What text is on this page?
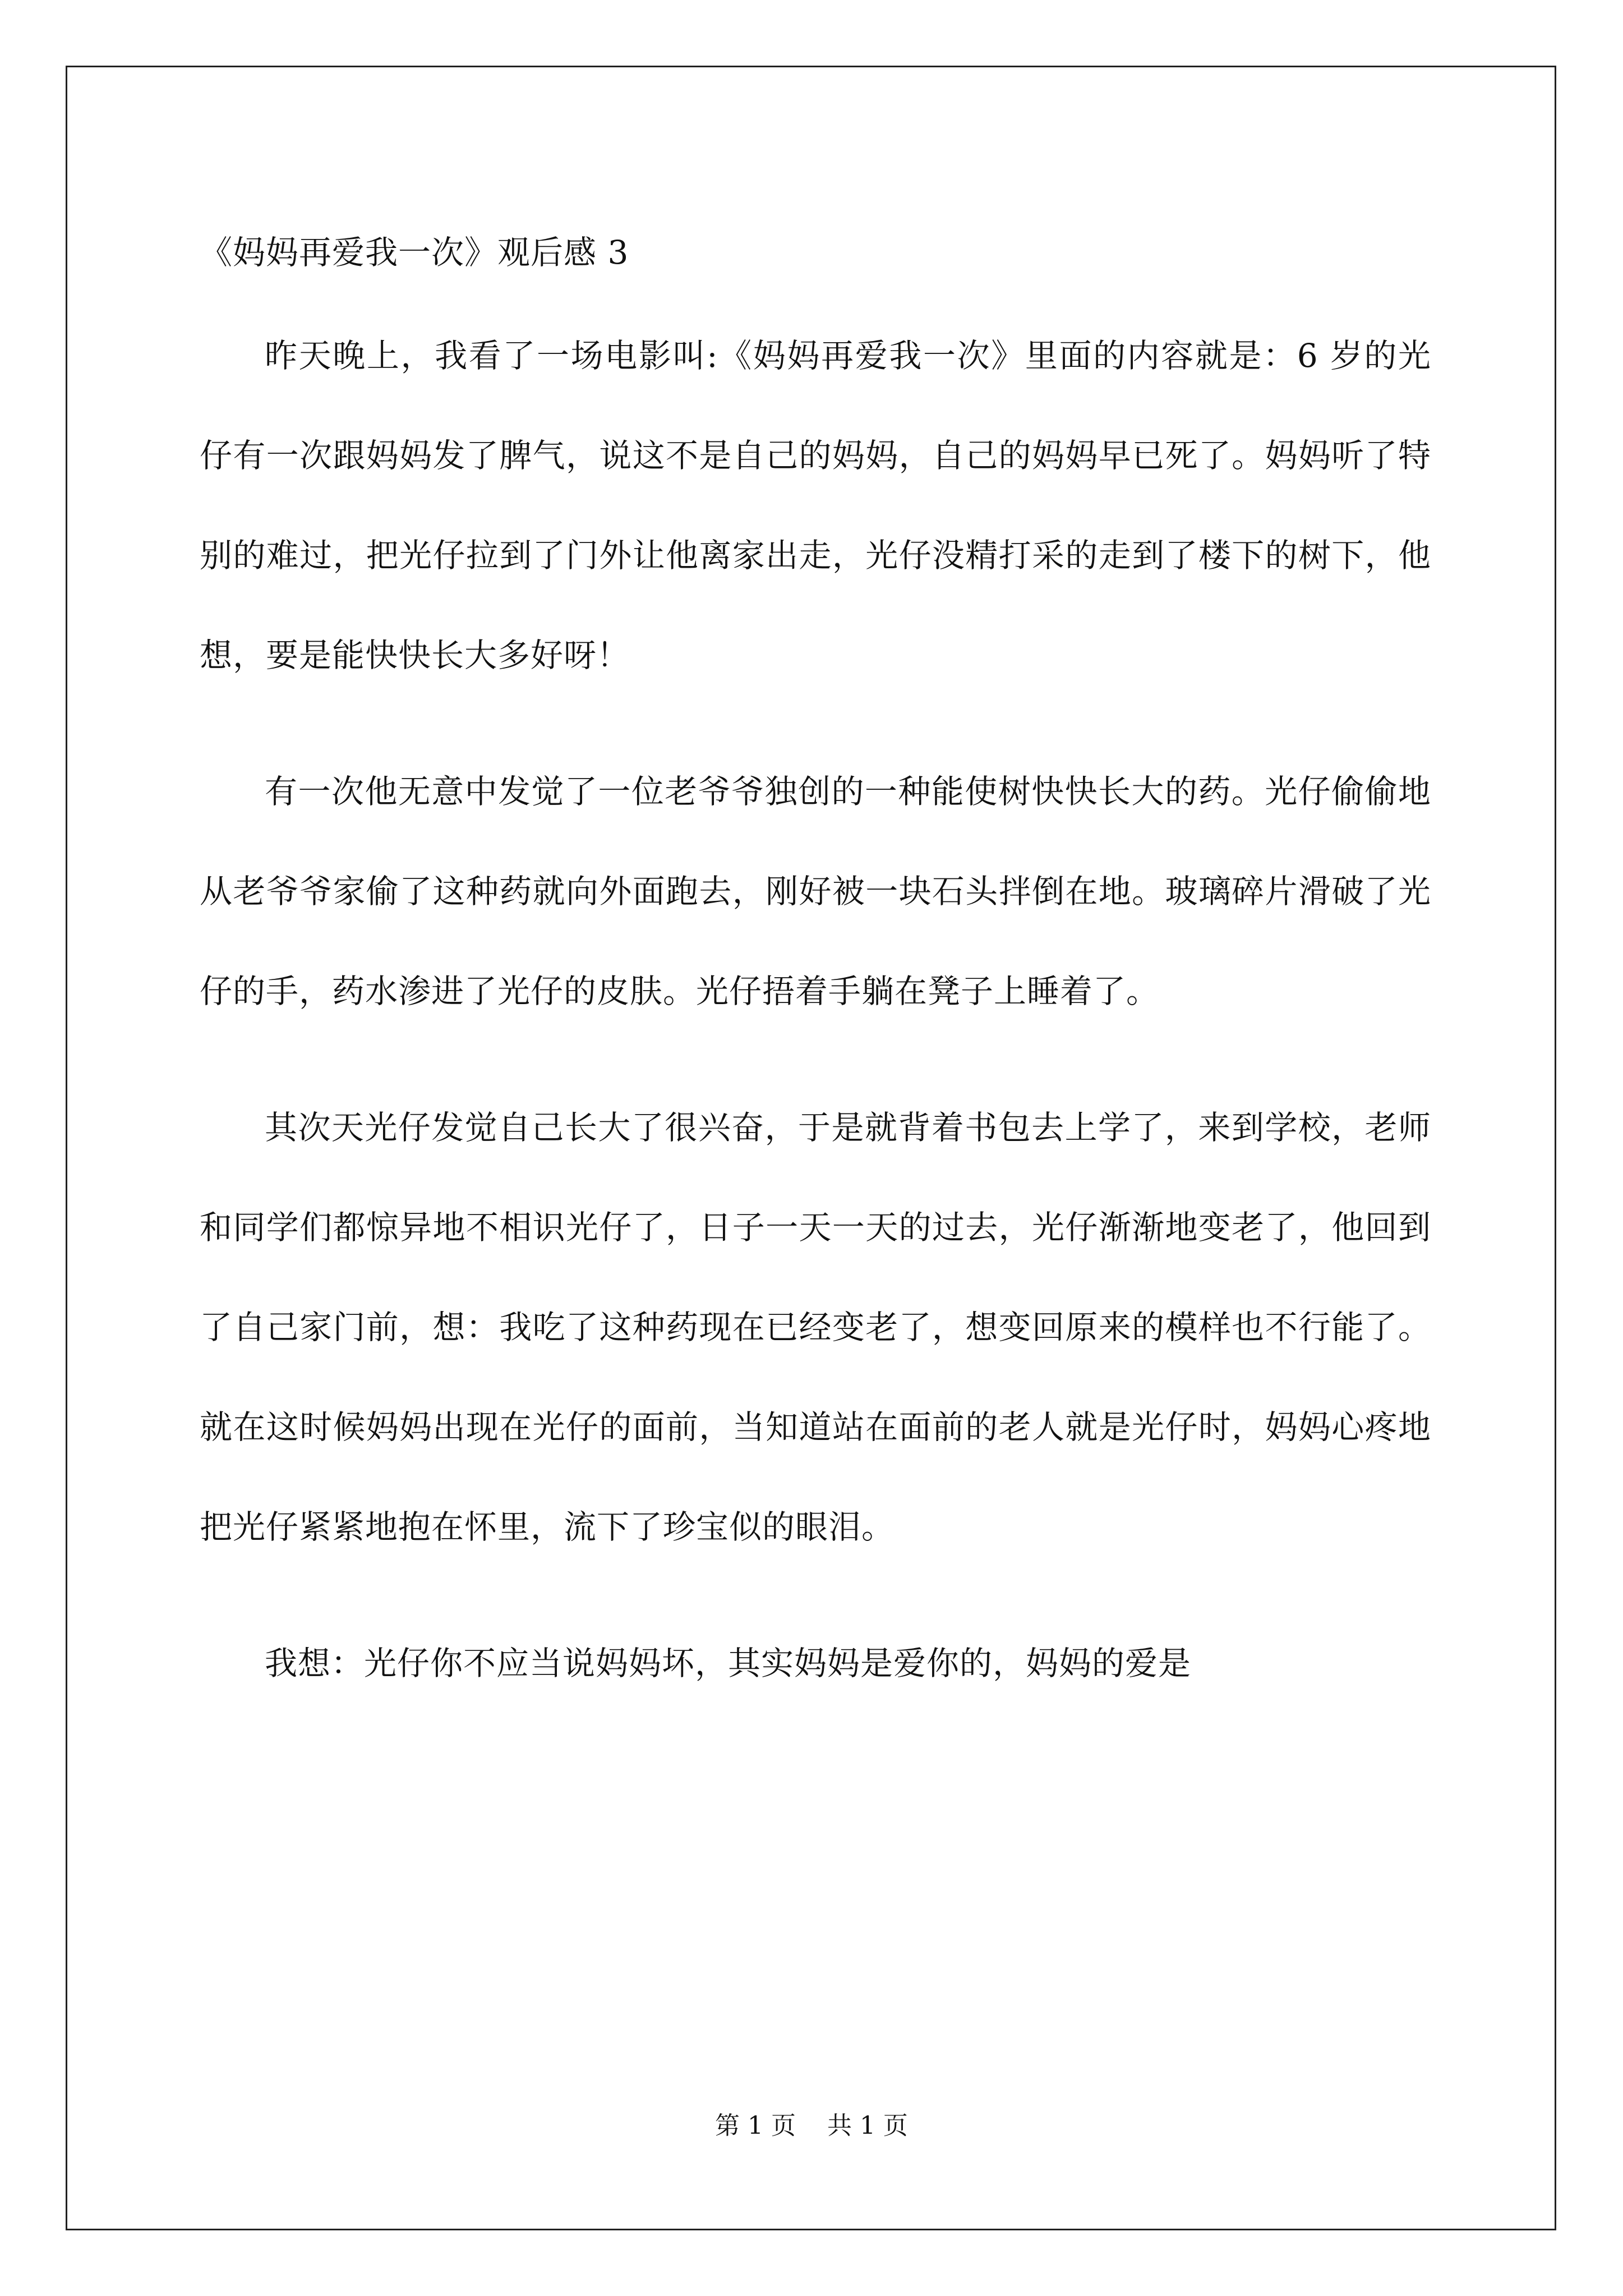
《妈妈再爱我一次》观后感 3

昨天晚上，我看了一场电影叫:《妈妈再爱我一次》里面的内容就是：6 岁的光仔有一次跟妈妈发了脾气，说这不是自己的妈妈，自己的妈妈早已死了。妈妈听了特别的难过，把光仔拉到了门外让他离家出走，光仔没精打采的走到了楼下的树下，他想，要是能快快长大多好呀！

有一次他无意中发觉了一位老爷爷独创的一种能使树快快长大的药。光仔偷偷地从老爷爷家偷了这种药就向外面跑去，刚好被一块石头拌倒在地。玻璃碎片滑破了光仔的手，药水渗进了光仔的皮肤。光仔捂着手躺在凳子上睡着了。

其次天光仔发觉自己长大了很兴奋，于是就背着书包去上学了，来到学校，老师和同学们都惊异地不相识光仔了，日子一天一天的过去，光仔渐渐地变老了，他回到了自己家门前，想：我吃了这种药现在已经变老了，想变回原来的模样也不行能了。就在这时候妈妈出现在光仔的面前，当知道站在面前的老人就是光仔时，妈妈心疼地把光仔紧紧地抱在怀里，流下了珍宝似的眼泪。

我想：光仔你不应当说妈妈坏，其实妈妈是爱你的，妈妈的爱是

第 1 页    共 1 页
